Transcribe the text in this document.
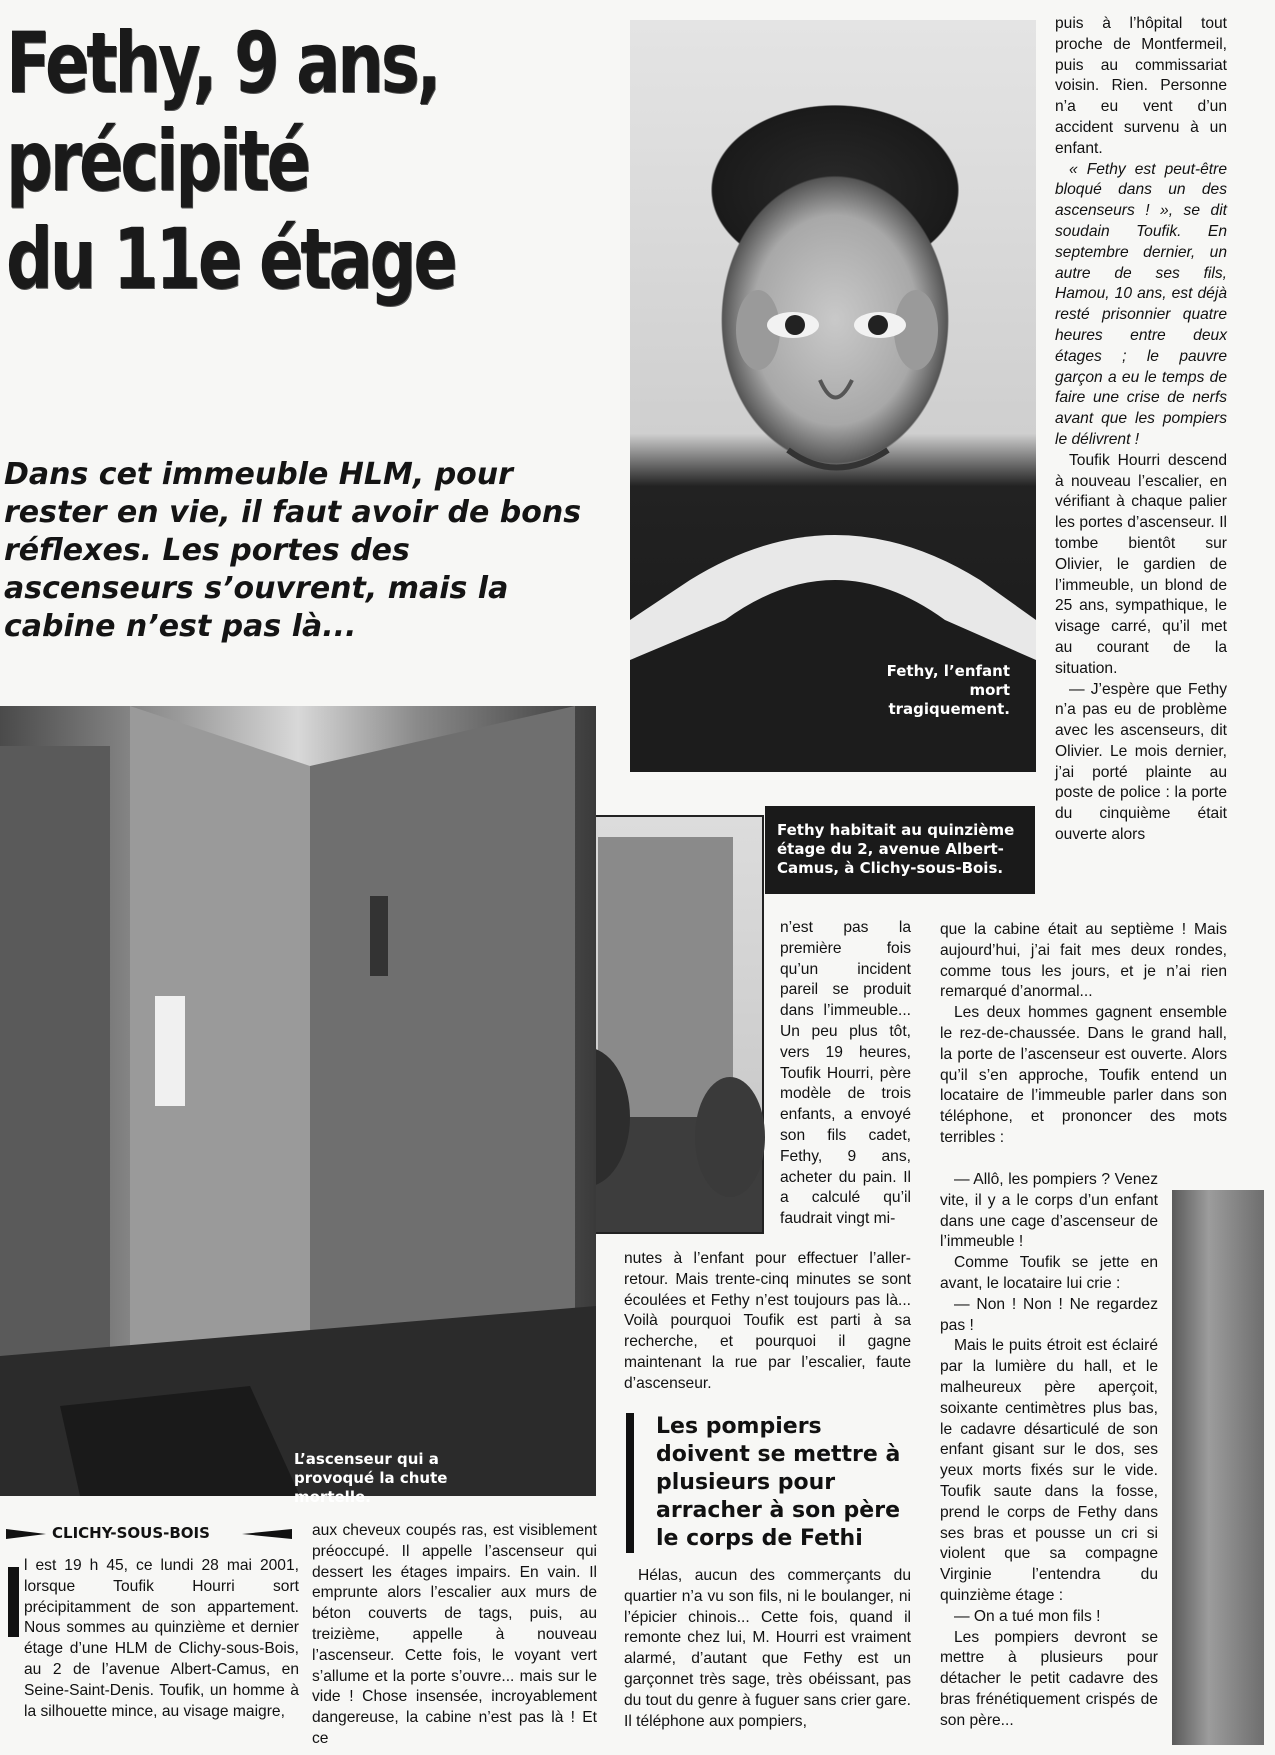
Fethy, 9 ans,
précipité
du 11e étage

Dans cet immeuble HLM, pour rester en vie, il faut avoir de bons réflexes. Les portes des ascenseurs s’ouvrent, mais la cabine n’est pas là...

Fethy, l’enfant mort tragiquement.
Fethy habitait au quinzième étage du 2, avenue Albert-Camus, à Clichy-sous-Bois.
L’ascenseur qui a provoqué la chute mortelle.
CLICHY-SOUS-BOIS

l est 19 h 45, ce lundi 28 mai 2001, lorsque Toufik Hourri sort précipitamment de son appartement. Nous sommes au quinzième et dernier étage d’une HLM de Clichy-sous-Bois, au 2 de l’avenue Albert-Camus, en Seine-Saint-Denis. Toufik, un homme à la silhouette mince, au visage maigre,

aux cheveux coupés ras, est visiblement préoccupé. Il appelle l’ascenseur qui dessert les étages impairs. En vain. Il emprunte alors l’escalier aux murs de béton couverts de tags, puis, au treizième, appelle à nouveau l’ascenseur. Cette fois, le voyant vert s’allume et la porte s’ouvre... mais sur le vide ! Chose insensée, incroyablement dangereuse, la cabine n’est pas là ! Et ce

n’est pas la première fois qu’un incident pareil se produit dans l’immeuble... Un peu plus tôt, vers 19 heures, Toufik Hourri, père modèle de trois enfants, a envoyé son fils cadet, Fethy, 9 ans, acheter du pain. Il a calculé qu’il faudrait vingt mi-

nutes à l’enfant pour effectuer l’aller-retour. Mais trente-cinq minutes se sont écoulées et Fethy n’est toujours pas là... Voilà pourquoi Toufik est parti à sa recherche, et pourquoi il gagne maintenant la rue par l’escalier, faute d’ascenseur.

Les pompiers doivent se mettre à plusieurs pour arracher à son père le corps de Fethi

Hélas, aucun des commerçants du quartier n’a vu son fils, ni le boulanger, ni l’épicier chinois... Cette fois, quand il remonte chez lui, M. Hourri est vraiment alarmé, d’autant que Fethy est un garçonnet très sage, très obéissant, pas du tout du genre à fuguer sans crier gare. Il téléphone aux pompiers,

puis à l’hôpital tout proche de Montfermeil, puis au commissariat voisin. Rien. Personne n’a eu vent d’un accident survenu à un enfant.

« Fethy est peut-être bloqué dans un des ascenseurs ! », se dit soudain Toufik. En septembre dernier, un autre de ses fils, Hamou, 10 ans, est déjà resté prisonnier quatre heures entre deux étages ; le pauvre garçon a eu le temps de faire une crise de nerfs avant que les pompiers le délivrent !

Toufik Hourri descend à nouveau l’escalier, en vérifiant à chaque palier les portes d’ascenseur. Il tombe bientôt sur Olivier, le gardien de l’immeuble, un blond de 25 ans, sympathique, le visage carré, qu’il met au courant de la situation.

— J’espère que Fethy n’a pas eu de problème avec les ascenseurs, dit Olivier. Le mois dernier, j’ai porté plainte au poste de police : la porte du cinquième était ouverte alors

que la cabine était au septième ! Mais aujourd’hui, j’ai fait mes deux rondes, comme tous les jours, et je n’ai rien remarqué d’anormal...

Les deux hommes gagnent ensemble le rez-de-chaussée. Dans le grand hall, la porte de l’ascenseur est ouverte. Alors qu’il s’en approche, Toufik entend un locataire de l’immeuble parler dans son téléphone, et prononcer des mots terribles :

— Allô, les pompiers ? Venez vite, il y a le corps d’un enfant dans une cage d’ascenseur de l’immeuble !

Comme Toufik se jette en avant, le locataire lui crie :

— Non ! Non ! Ne regardez pas !

Mais le puits étroit est éclairé par la lumière du hall, et le malheureux père aperçoit, soixante centimètres plus bas, le cadavre désarticulé de son enfant gisant sur le dos, ses yeux morts fixés sur le vide. Toufik saute dans la fosse, prend le corps de Fethy dans ses bras et pousse un cri si violent que sa compagne Virginie l’entendra du quinzième étage :

— On a tué mon fils !

Les pompiers devront se mettre à plusieurs pour détacher le petit cadavre des bras frénétiquement crispés de son père...
